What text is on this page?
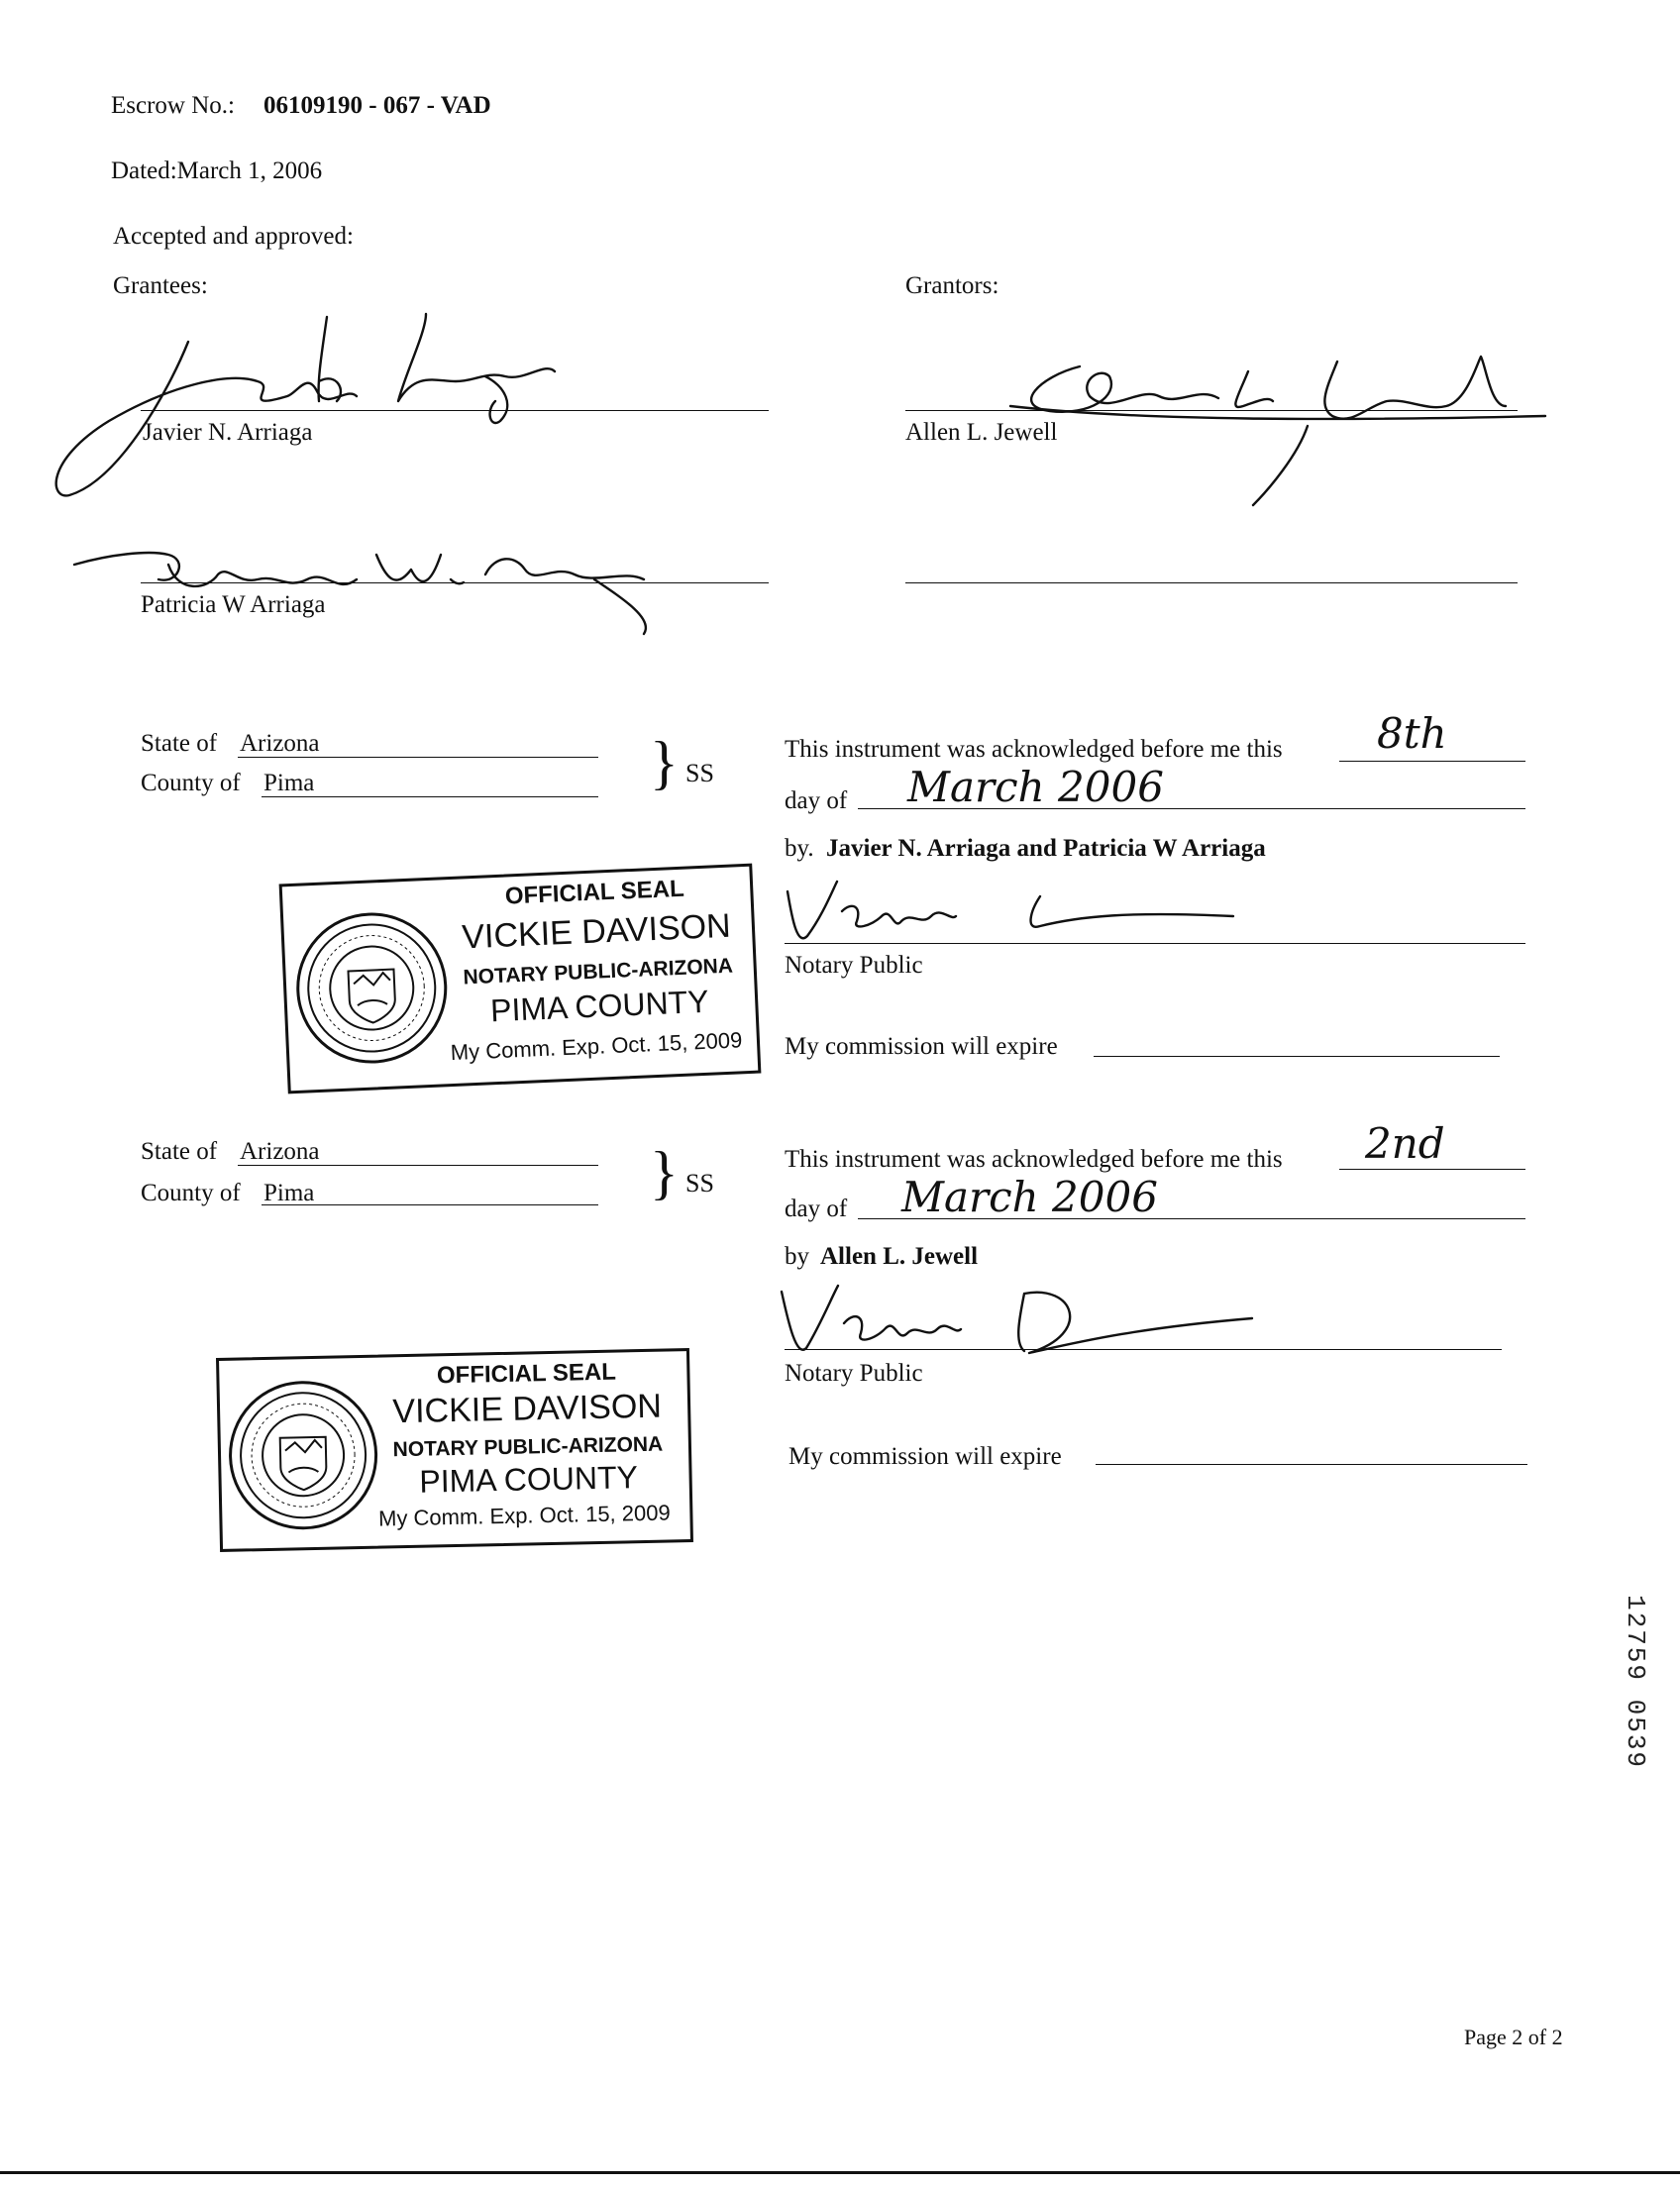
Escrow No.: 06109190 - 067 - VAD
Dated:March 1, 2006
Accepted and approved:
Grantees:	Grantors:
Javier N. Arriaga
Patricia W Arriaga
Allen L. Jewell
State of Arizona
County of Pima	} SS
This instrument was acknowledged before me this 8th
day of March 2006
by. Javier N. Arriaga and Patricia W Arriaga
Notary Public
My commission will expire
OFFICIAL SEAL
VICKIE DAVISON
NOTARY PUBLIC-ARIZONA
PIMA COUNTY
My Comm. Exp. Oct. 15, 2009
State of Arizona
County of Pima	} SS
This instrument was acknowledged before me this 2nd
day of March 2006
by Allen L. Jewell
Notary Public
My commission will expire
OFFICIAL SEAL
VICKIE DAVISON
NOTARY PUBLIC-ARIZONA
PIMA COUNTY
My Comm. Exp. Oct. 15, 2009
12759 0539
Page 2 of 2
